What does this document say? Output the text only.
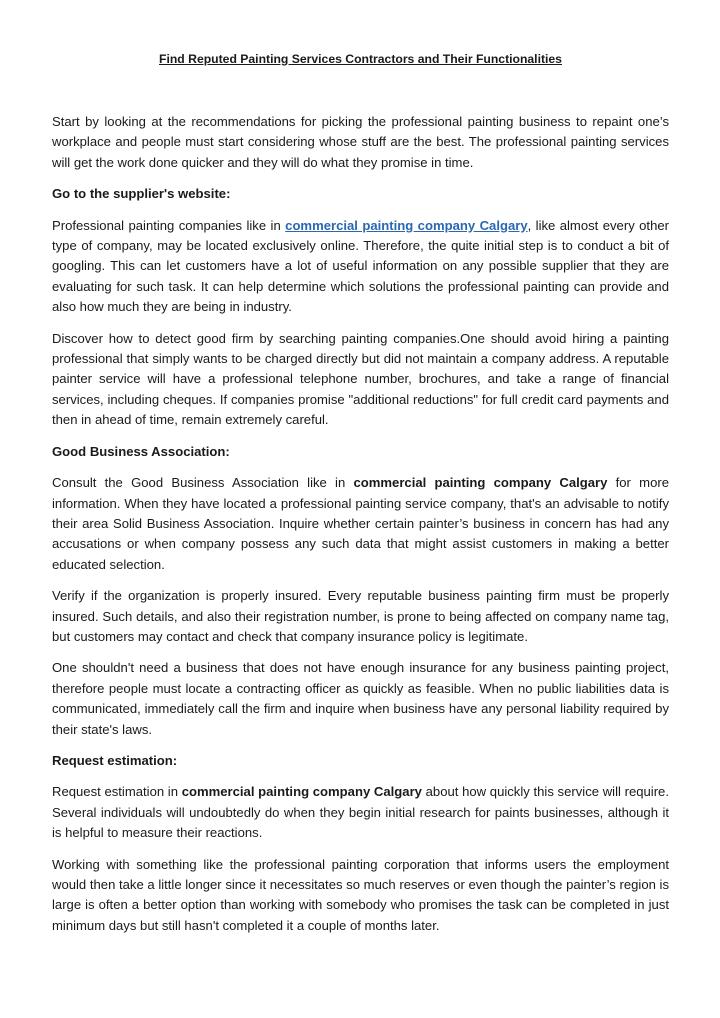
Find Reputed Painting Services Contractors and Their Functionalities

Start by looking at the recommendations for picking the professional painting business to repaint one’s workplace and people must start considering whose stuff are the best. The professional painting services will get the work done quicker and they will do what they promise in time.

Go to the supplier's website:

Professional painting companies like in commercial painting company Calgary, like almost every other type of company, may be located exclusively online. Therefore, the quite initial step is to conduct a bit of googling. This can let customers have a lot of useful information on any possible supplier that they are evaluating for such task. It can help determine which solutions the professional painting can provide and also how much they are being in industry.

Discover how to detect good firm by searching painting companies.One should avoid hiring a painting professional that simply wants to be charged directly but did not maintain a company address. A reputable painter service will have a professional telephone number, brochures, and take a range of financial services, including cheques. If companies promise "additional reductions" for full credit card payments and then in ahead of time, remain extremely careful.

Good Business Association:

Consult the Good Business Association like in commercial painting company Calgary for more information. When they have located a professional painting service company, that's an advisable to notify their area Solid Business Association. Inquire whether certain painter’s business in concern has had any accusations or when company possess any such data that might assist customers in making a better educated selection.

Verify if the organization is properly insured. Every reputable business painting firm must be properly insured. Such details, and also their registration number, is prone to being affected on company name tag, but customers may contact and check that company insurance policy is legitimate.

One shouldn't need a business that does not have enough insurance for any business painting project, therefore people must locate a contracting officer as quickly as feasible. When no public liabilities data is communicated, immediately call the firm and inquire when business have any personal liability required by their state's laws.

Request estimation:

Request estimation in commercial painting company Calgary about how quickly this service will require. Several individuals will undoubtedly do when they begin initial research for paints businesses, although it is helpful to measure their reactions.

Working with something like the professional painting corporation that informs users the employment would then take a little longer since it necessitates so much reserves or even though the painter’s region is large is often a better option than working with somebody who promises the task can be completed in just minimum days but still hasn't completed it a couple of months later.
